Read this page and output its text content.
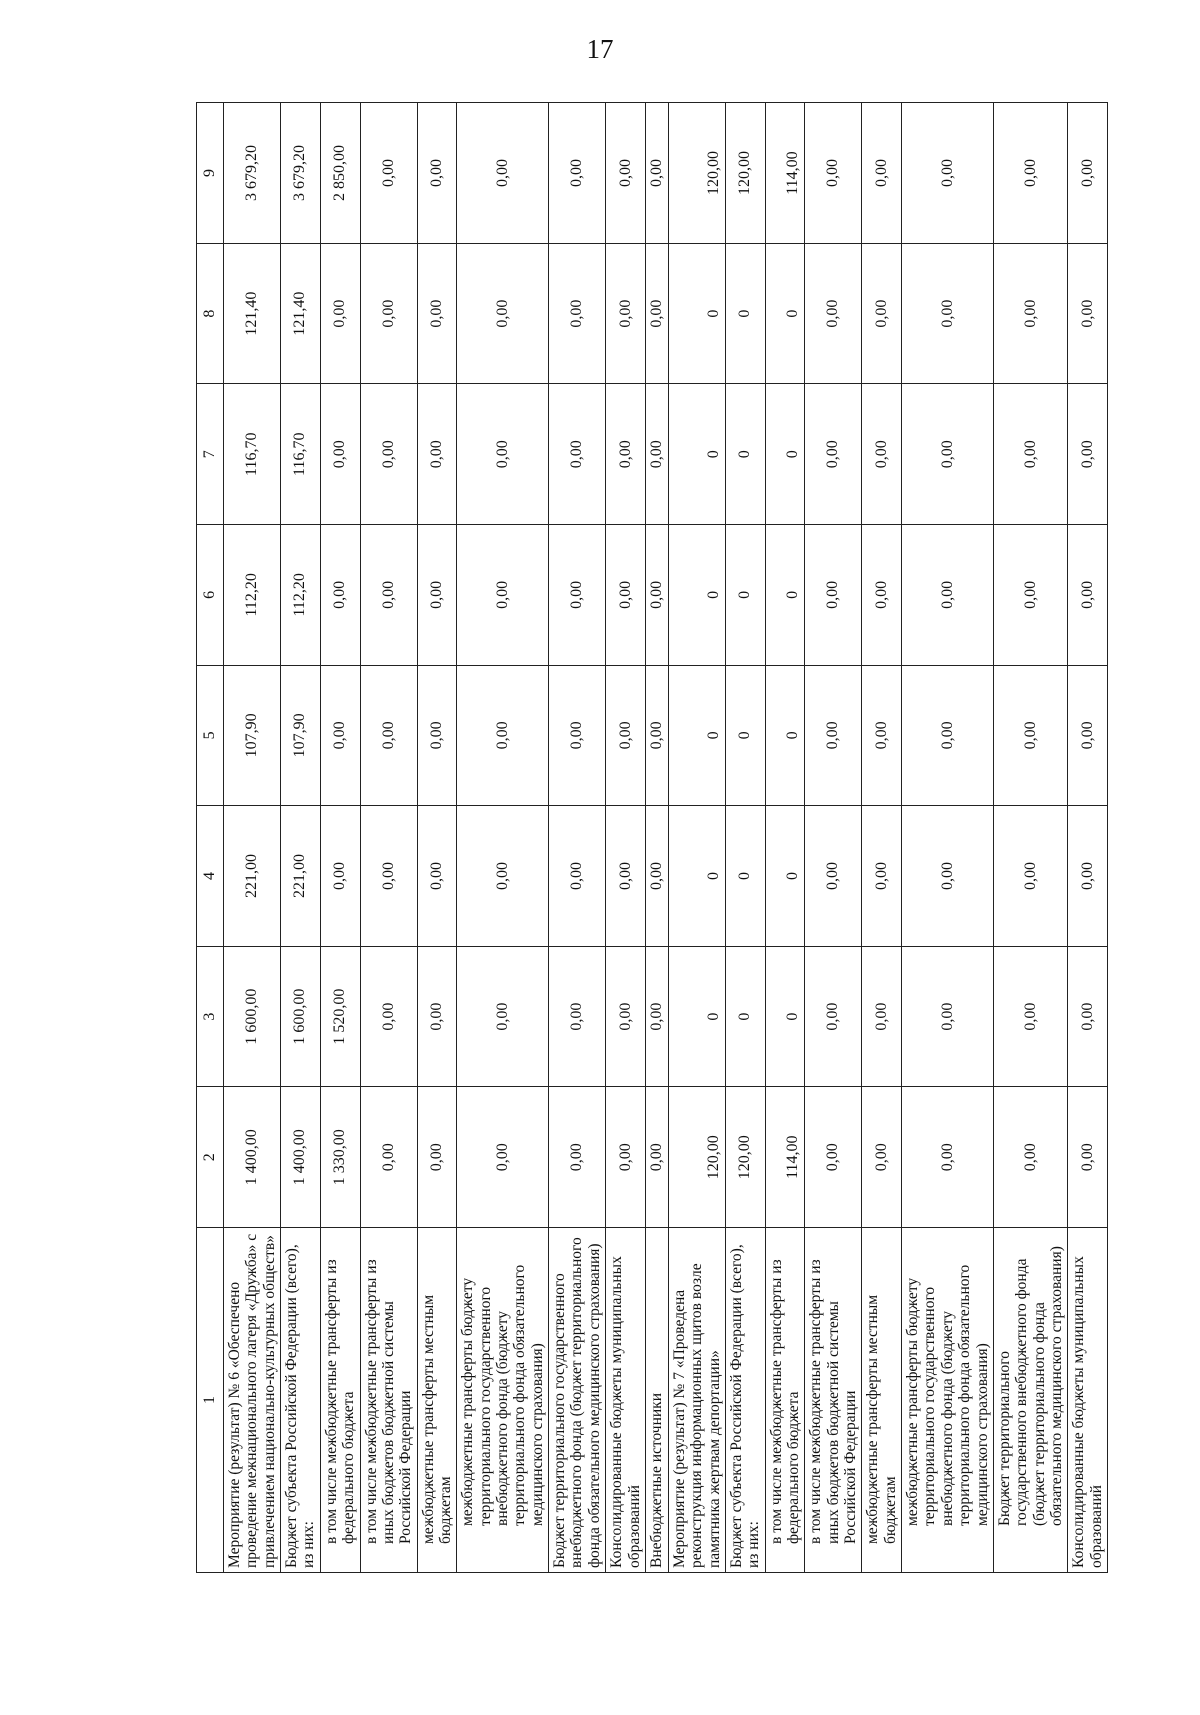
17
1	2	3	4	5	6	7	8	9
Мероприятие (результат) № 6 «Обеспечено проведение межнационального лагеря «Дружба» с привлечением национально-культурных обществ»	1 400,00	1 600,00	221,00	107,90	112,20	116,70	121,40	3 679,20
Бюджет субъекта Российской Федерации (всего), из них:	1 400,00	1 600,00	221,00	107,90	112,20	116,70	121,40	3 679,20
в том числе межбюджетные трансферты из федерального бюджета	1 330,00	1 520,00	0,00	0,00	0,00	0,00	0,00	2 850,00
в том числе межбюджетные трансферты из иных бюджетов бюджетной системы Российской Федерации	0,00	0,00	0,00	0,00	0,00	0,00	0,00	0,00
межбюджетные трансферты местным бюджетам	0,00	0,00	0,00	0,00	0,00	0,00	0,00	0,00
межбюджетные трансферты бюджету территориального государственного внебюджетного фонда (бюджету территориального фонда обязательного медицинского страхования)	0,00	0,00	0,00	0,00	0,00	0,00	0,00	0,00
Бюджет территориального государственного внебюджетного фонда (бюджет территориального фонда обязательного медицинского страхования)	0,00	0,00	0,00	0,00	0,00	0,00	0,00	0,00
Консолидированные бюджеты муниципальных образований	0,00	0,00	0,00	0,00	0,00	0,00	0,00	0,00
Внебюджетные источники	0,00	0,00	0,00	0,00	0,00	0,00	0,00	0,00
Мероприятие (результат) № 7 «Проведена реконструкция информационных щитов возле памятника жертвам депортации»	120,00	0	0	0	0	0	0	120,00
Бюджет субъекта Российской Федерации (всего), из них:	120,00	0	0	0	0	0	0	120,00
в том числе межбюджетные трансферты из федерального бюджета	114,00	0	0	0	0	0	0	114,00
в том числе межбюджетные трансферты из иных бюджетов бюджетной системы Российской Федерации	0,00	0,00	0,00	0,00	0,00	0,00	0,00	0,00
межбюджетные трансферты местным бюджетам	0,00	0,00	0,00	0,00	0,00	0,00	0,00	0,00
межбюджетные трансферты бюджету территориального государственного внебюджетного фонда (бюджету территориального фонда обязательного медицинского страхования)	0,00	0,00	0,00	0,00	0,00	0,00	0,00	0,00
Бюджет территориального государственного внебюджетного фонда (бюджет территориального фонда обязательного медицинского страхования)	0,00	0,00	0,00	0,00	0,00	0,00	0,00	0,00
Консолидированные бюджеты муниципальных образований	0,00	0,00	0,00	0,00	0,00	0,00	0,00	0,00
